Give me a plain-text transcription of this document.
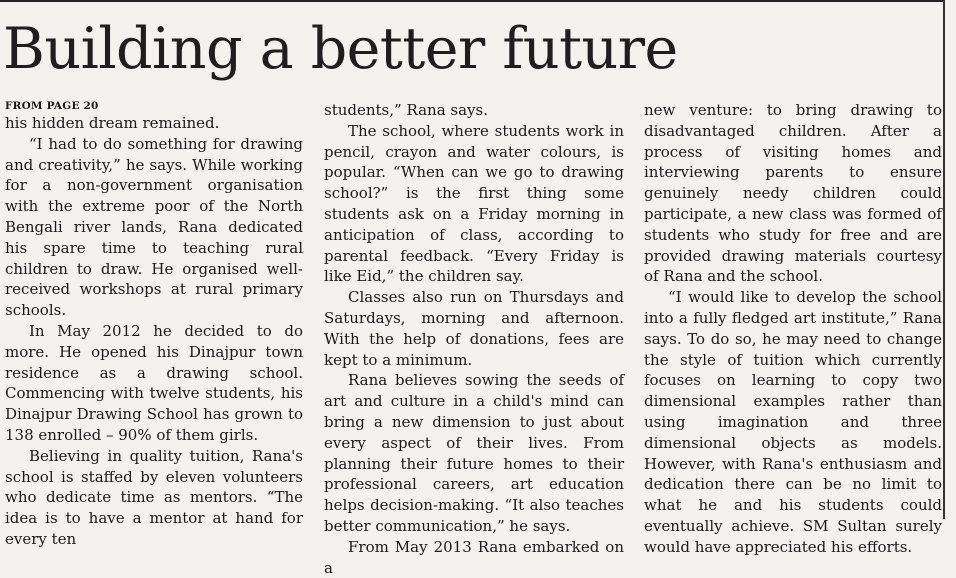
Building a better future
FROM PAGE 20

his hidden dream remained.

“I had to do something for drawing and creativity,” he says. While working for a non-government organisation with the extreme poor of the North Bengali river lands, Rana dedicated his spare time to teaching rural children to draw. He organised well-received workshops at rural primary schools.

In May 2012 he decided to do more. He opened his Dinajpur town residence as a drawing school. Commencing with twelve students, his Dinajpur Drawing School has grown to 138 enrolled – 90% of them girls.

Believing in quality tuition, Rana's school is staffed by eleven volunteers who dedicate time as mentors. “The idea is to have a mentor at hand for every ten

students,” Rana says.

The school, where students work in pencil, crayon and water colours, is popular. “When can we go to drawing school?” is the first thing some students ask on a Friday morning in anticipation of class, according to parental feedback. “Every Friday is like Eid,” the children say.

Classes also run on Thursdays and Saturdays, morning and afternoon. With the help of donations, fees are kept to a minimum.

Rana believes sowing the seeds of art and culture in a child's mind can bring a new dimension to just about every aspect of their lives. From planning their future homes to their professional careers, art education helps decision-making. “It also teaches better communication,” he says.

From May 2013 Rana embarked on a

new venture: to bring drawing to disadvantaged children. After a process of visiting homes and interviewing parents to ensure genuinely needy children could participate, a new class was formed of students who study for free and are provided drawing materials courtesy of Rana and the school.

“I would like to develop the school into a fully fledged art institute,” Rana says. To do so, he may need to change the style of tuition which currently focuses on learning to copy two dimensional examples rather than using imagination and three dimensional objects as models. However, with Rana's enthusiasm and dedication there can be no limit to what he and his students could eventually achieve. SM Sultan surely would have appreciated his efforts.
